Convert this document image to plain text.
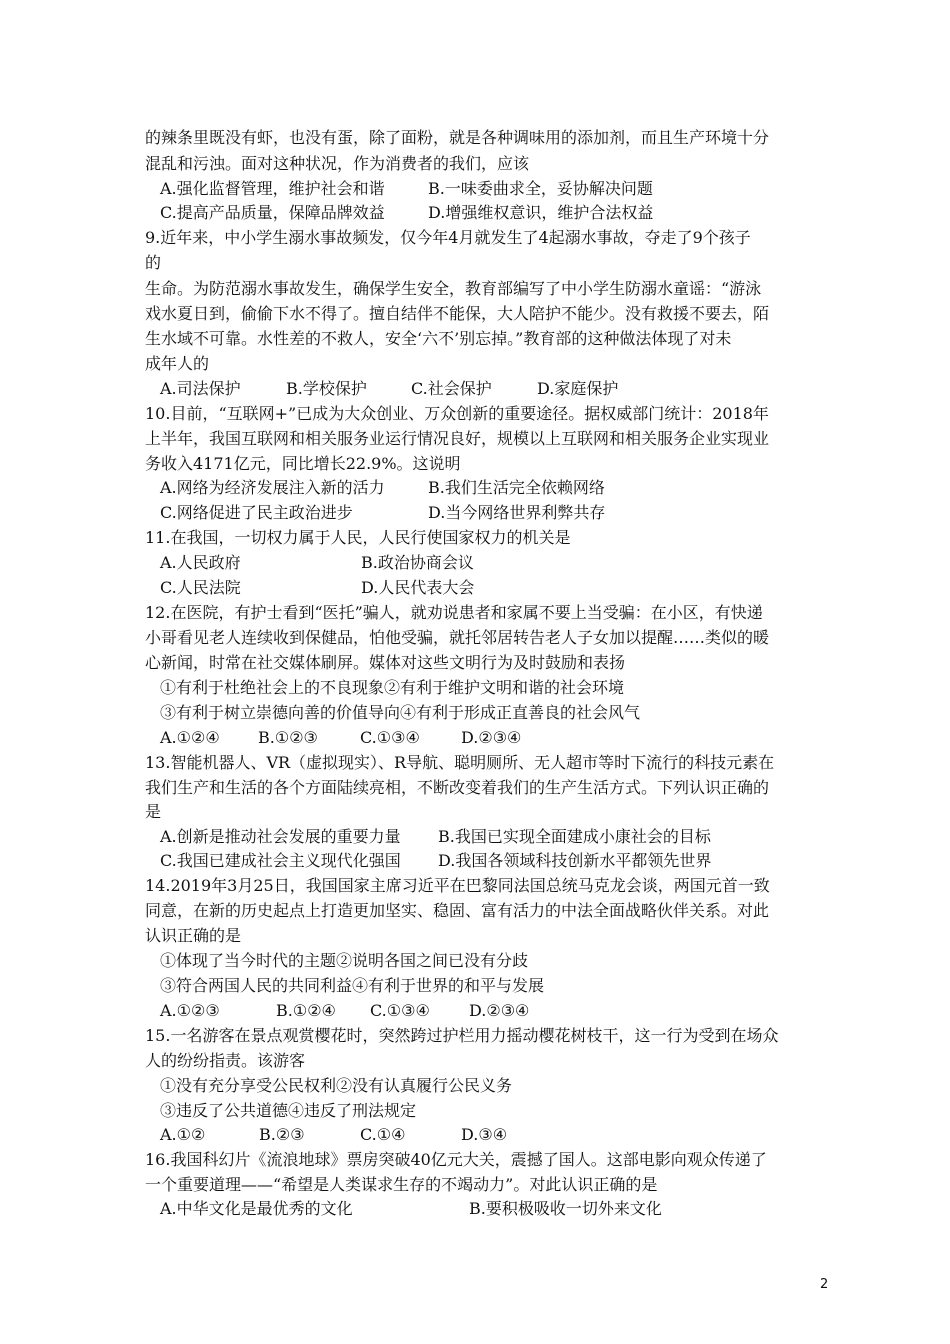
的辣条里既没有虾，也没有蛋，除了面粉，就是各种调味用的添加剂，而且生产环境十分
混乱和污浊。面对这种状况，作为消费者的我们，应该
A.强化监督管理，维护社会和谐	B.一味委曲求全，妥协解决问题
C.提高产品质量，保障品牌效益	D.增强维权意识，维护合法权益
9.近年来，中小学生溺水事故频发，仅今年4月就发生了4起溺水事故，夺走了9个孩子
的
生命。为防范溺水事故发生，确保学生安全，教育部编写了中小学生防溺水童谣：“游泳
戏水夏日到，偷偷下水不得了。擅自结伴不能保，大人陪护不能少。没有救援不要去，陌
生水域不可靠。水性差的不救人，安全‘六不’别忘掉。”教育部的这种做法体现了对未
成年人的
A.司法保护	B.学校保护	C.社会保护	D.家庭保护
10.目前，“互联网+”已成为大众创业、万众创新的重要途径。据权威部门统计：2018年
上半年，我国互联网和相关服务业运行情况良好，规模以上互联网和相关服务企业实现业
务收入4171亿元，同比增长22.9%。这说明
A.网络为经济发展注入新的活力	B.我们生活完全依赖网络
C.网络促进了民主政治进步	D.当今网络世界利弊共存
11.在我国，一切权力属于人民，人民行使国家权力的机关是
A.人民政府	B.政治协商会议
C.人民法院	D.人民代表大会
12.在医院，有护士看到“医托”骗人，就劝说患者和家属不要上当受骗：在小区，有快递
小哥看见老人连续收到保健品，怕他受骗，就托邻居转告老人子女加以提醒……类似的暖
心新闻，时常在社交媒体刷屏。媒体对这些文明行为及时鼓励和表扬
①有利于杜绝社会上的不良现象②有利于维护文明和谐的社会环境
③有利于树立崇德向善的价值导向④有利于形成正直善良的社会风气
A.①②④ B.①②③	C.①③④	D.②③④
13.智能机器人、VR（虚拟现实）、R导航、聪明厕所、无人超市等时下流行的科技元素在
我们生产和生活的各个方面陆续亮相，不断改变着我们的生产生活方式。下列认识正确的
是
A.创新是推动社会发展的重要力量 B.我国已实现全面建成小康社会的目标
C.我国已建成社会主义现代化强国 D.我国各领域科技创新水平都领先世界
14.2019年3月25日，我国国家主席习近平在巴黎同法国总统马克龙会谈，两国元首一致
同意，在新的历史起点上打造更加坚实、稳固、富有活力的中法全面战略伙伴关系。对此
认识正确的是
①体现了当今时代的主题②说明各国之间已没有分歧
③符合两国人民的共同利益④有利于世界的和平与发展
A.①②③	B.①②④ C.①③④ D.②③④
15.一名游客在景点观赏樱花时，突然跨过护栏用力摇动樱花树枝干，这一行为受到在场众
人的纷纷指责。该游客
①没有充分享受公民权利②没有认真履行公民义务
③违反了公共道德④违反了刑法规定
A.①②	B.②③	C.①④	D.③④
16.我国科幻片《流浪地球》票房突破40亿元大关，震撼了国人。这部电影向观众传递了
一个重要道理——“希望是人类谋求生存的不竭动力”。对此认识正确的是
A.中华文化是最优秀的文化	B.要积极吸收一切外来文化
2
